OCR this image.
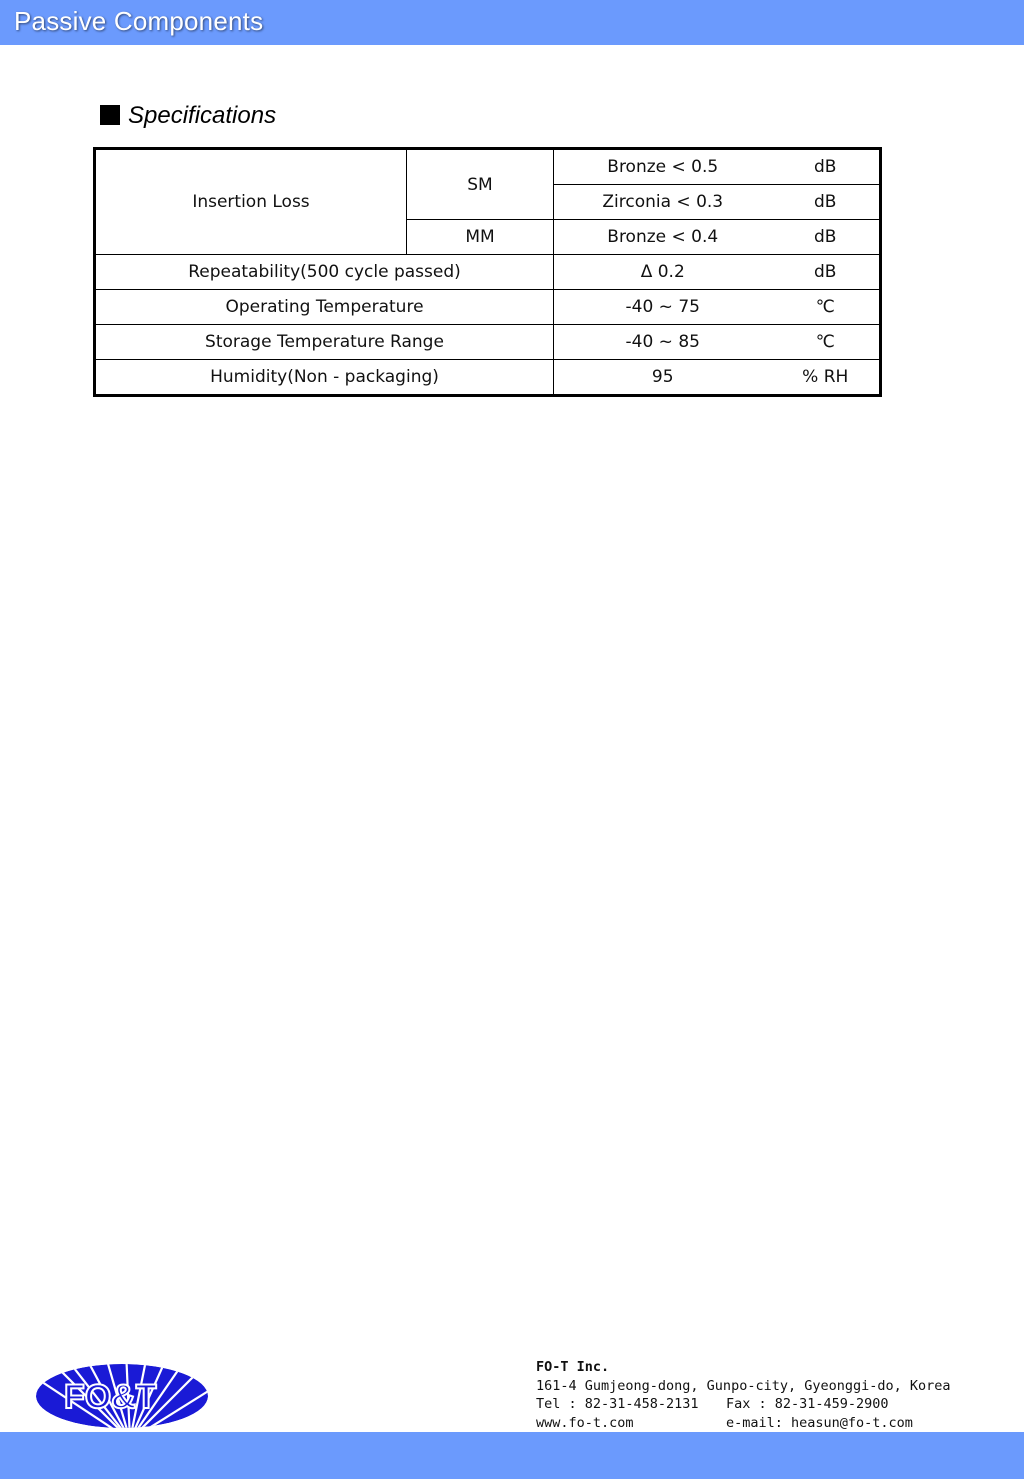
Passive Components
Specifications
Insertion Loss	SM	Bronze < 0.5	dB
		Zirconia < 0.3	dB
	MM	Bronze < 0.4	dB
Repeatability(500 cycle passed)		Δ 0.2	dB
Operating Temperature		-40 ~ 75	℃
Storage Temperature Range		-40 ~ 85	℃
Humidity(Non - packaging)		95	% RH
FO&T
FO-T Inc.
161-4 Gumjeong-dong, Gunpo-city, Gyeonggi-do, Korea
Tel : 82-31-458-2131 Fax : 82-31-459-2900
www.fo-t.com	e-mail: heasun@fo-t.com
